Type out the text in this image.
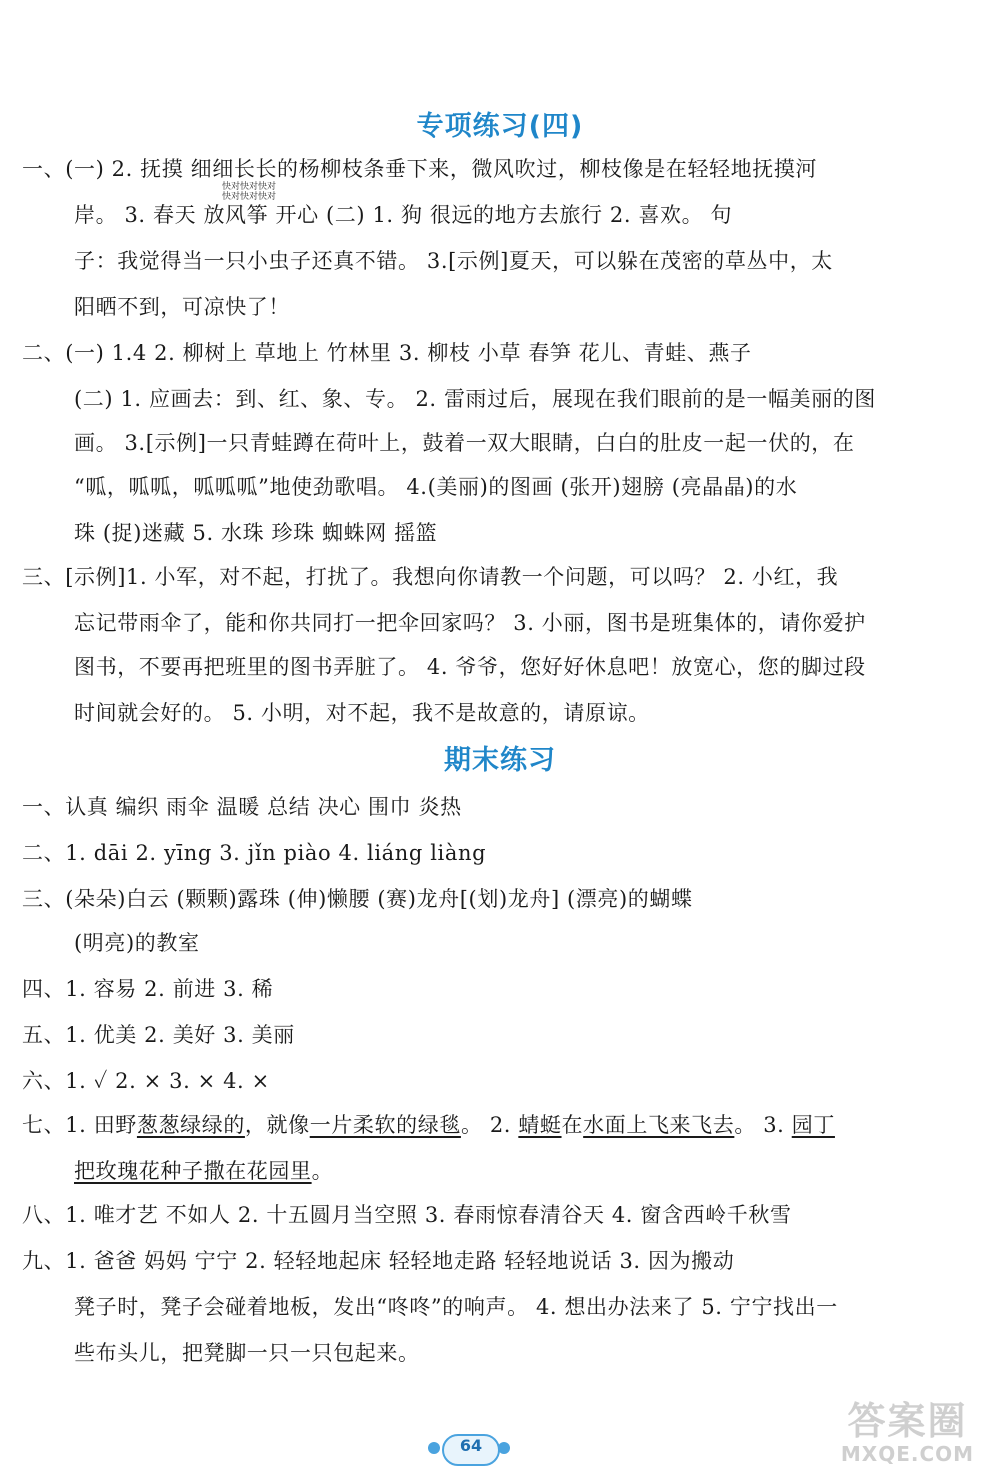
专项练习(四)
一、(一) 2. 抚摸 细细长长的杨柳枝条垂下来，微风吹过，柳枝像是在轻轻地抚摸河
快对快对快对
快对快对快对
岸。 3. 春天 放风筝 开心 (二) 1. 狗 很远的地方去旅行 2. 喜欢。 句
子：我觉得当一只小虫子还真不错。 3.[示例]夏天，可以躲在茂密的草丛中，太
阳晒不到，可凉快了！
二、(一) 1.4 2. 柳树上 草地上 竹林里 3. 柳枝 小草 春笋 花儿、青蛙、燕子
(二) 1. 应画去：到、红、象、专。 2. 雷雨过后，展现在我们眼前的是一幅美丽的图
画。 3.[示例]一只青蛙蹲在荷叶上，鼓着一双大眼睛，白白的肚皮一起一伏的，在
“呱，呱呱，呱呱呱”地使劲歌唱。 4.(美丽)的图画 (张开)翅膀 (亮晶晶)的水
珠 (捉)迷藏 5. 水珠 珍珠 蜘蛛网 摇篮
三、[示例]1. 小军，对不起，打扰了。我想向你请教一个问题，可以吗？ 2. 小红，我
忘记带雨伞了，能和你共同打一把伞回家吗？ 3. 小丽，图书是班集体的，请你爱护
图书，不要再把班里的图书弄脏了。 4. 爷爷，您好好休息吧！放宽心，您的脚过段
时间就会好的。 5. 小明，对不起，我不是故意的，请原谅。
期末练习
一、认真 编织 雨伞 温暖 总结 决心 围巾 炎热
二、1. dāi 2. yīng 3. jǐn piào 4. liáng liàng
三、(朵朵)白云 (颗颗)露珠 (伸)懒腰 (赛)龙舟[(划)龙舟] (漂亮)的蝴蝶
(明亮)的教室
四、1. 容易 2. 前进 3. 稀
五、1. 优美 2. 美好 3. 美丽
六、1. ✓ 2. × 3. × 4. ×
七、1. 田野葱葱绿绿的，就像一片柔软的绿毯。 2. 蜻蜓在水面上飞来飞去。 3. 园丁
把玫瑰花种子撒在花园里。
八、1. 唯才艺 不如人 2. 十五圆月当空照 3. 春雨惊春清谷天 4. 窗含西岭千秋雪
九、1. 爸爸 妈妈 宁宁 2. 轻轻地起床 轻轻地走路 轻轻地说话 3. 因为搬动
凳子时，凳子会碰着地板，发出“咚咚”的响声。 4. 想出办法来了 5. 宁宁找出一
些布头儿，把凳脚一只一只包起来。
64
答案圈
MXQE.COM
